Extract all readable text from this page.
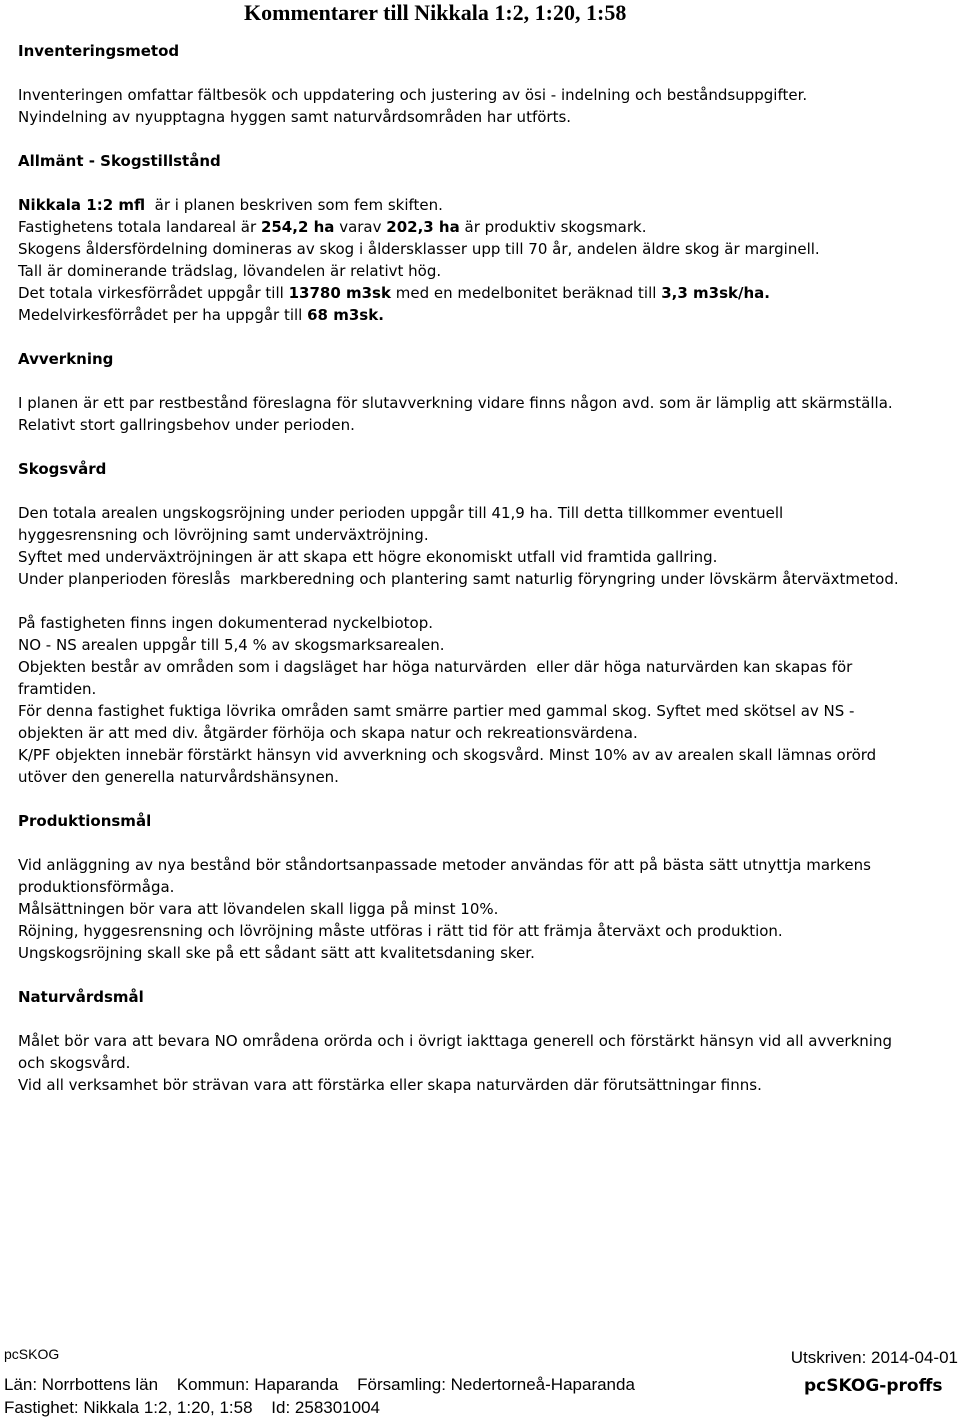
Kommentarer till Nikkala 1:2, 1:20, 1:58
Inventeringsmetod
Inventeringen omfattar fältbesök och uppdatering och justering av ösi - indelning och beståndsuppgifter.
Nyindelning av nyupptagna hyggen samt naturvårdsområden har utförts.
Allmänt - Skogstillstånd
Nikkala 1:2 mfl  är i planen beskriven som fem skiften.
Fastighetens totala landareal är 254,2 ha varav 202,3 ha är produktiv skogsmark.
Skogens åldersfördelning domineras av skog i åldersklasser upp till 70 år, andelen äldre skog är marginell.
Tall är dominerande trädslag, lövandelen är relativt hög.
Det totala virkesförrådet uppgår till 13780 m3sk med en medelbonitet beräknad till 3,3 m3sk/ha.
Medelvirkesförrådet per ha uppgår till 68 m3sk.
Avverkning
I planen är ett par restbestånd föreslagna för slutavverkning vidare finns någon avd. som är lämplig att skärmställa.
Relativt stort gallringsbehov under perioden.
Skogsvård
Den totala arealen ungskogsröjning under perioden uppgår till 41,9 ha. Till detta tillkommer eventuell
hyggesrensning och lövröjning samt underväxtröjning.
Syftet med underväxtröjningen är att skapa ett högre ekonomiskt utfall vid framtida gallring.
Under planperioden föreslås  markberedning och plantering samt naturlig föryngring under lövskärm återväxtmetod.
På fastigheten finns ingen dokumenterad nyckelbiotop.
NO - NS arealen uppgår till 5,4 % av skogsmarksarealen.
Objekten består av områden som i dagsläget har höga naturvärden  eller där höga naturvärden kan skapas för
framtiden.
För denna fastighet fuktiga lövrika områden samt smärre partier med gammal skog. Syftet med skötsel av NS -
objekten är att med div. åtgärder förhöja och skapa natur och rekreationsvärdena.
K/PF objekten innebär förstärkt hänsyn vid avverkning och skogsvård. Minst 10% av av arealen skall lämnas orörd
utöver den generella naturvårdshänsynen.
Produktionsmål
Vid anläggning av nya bestånd bör ståndortsanpassade metoder användas för att på bästa sätt utnyttja markens
produktionsförmåga.
Målsättningen bör vara att lövandelen skall ligga på minst 10%.
Röjning, hyggesrensning och lövröjning måste utföras i rätt tid för att främja återväxt och produktion.
Ungskogsröjning skall ske på ett sådant sätt att kvalitetsdaning sker.
Naturvårdsmål
Målet bör vara att bevara NO områdena orörda och i övrigt iakttaga generell och förstärkt hänsyn vid all avverkning
och skogsvård.
Vid all verksamhet bör strävan vara att förstärka eller skapa naturvärden där förutsättningar finns.
pcSKOG	Utskriven: 2014-04-01
Län: Norrbottens län Kommun: Haparanda Församling: Nedertorneå-Haparanda
Fastighet: Nikkala 1:2, 1:20, 1:58 Id: 258301004
pcSKOG-proffs
